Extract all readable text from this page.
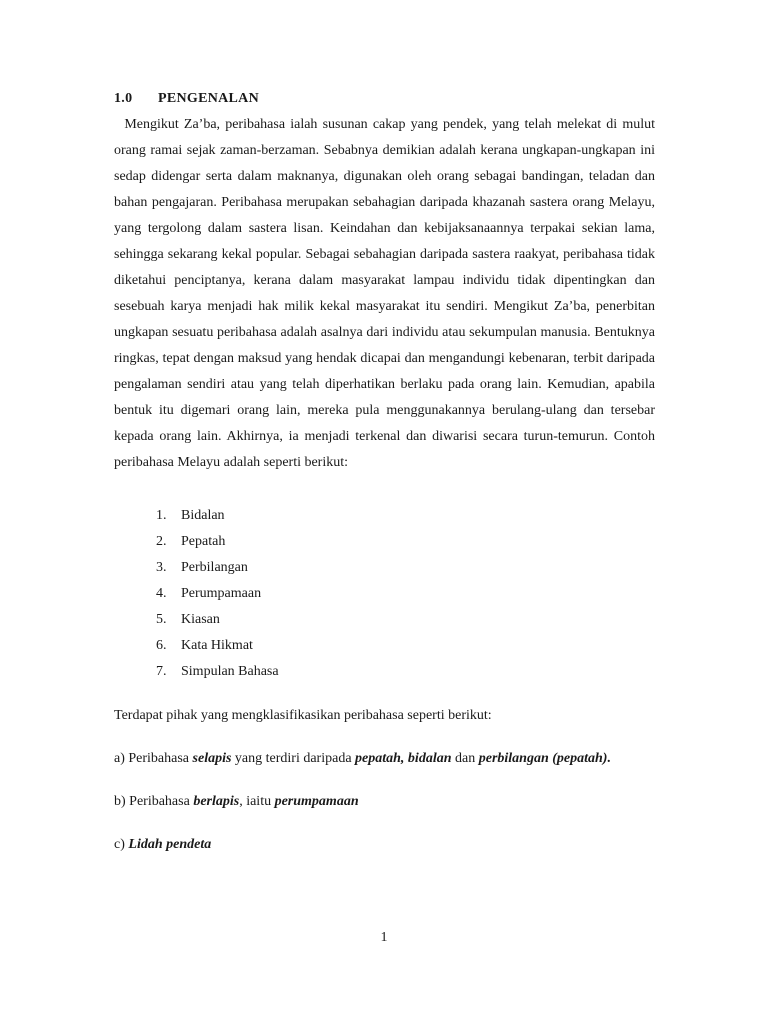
1.0 PENGENALAN
Mengikut Za’ba, peribahasa ialah susunan cakap yang pendek, yang telah melekat di mulut orang ramai sejak zaman-berzaman. Sebabnya demikian adalah kerana ungkapan-ungkapan ini sedap didengar serta dalam maknanya, digunakan oleh orang sebagai bandingan, teladan dan bahan pengajaran. Peribahasa merupakan sebahagian daripada khazanah sastera orang Melayu, yang tergolong dalam sastera lisan. Keindahan dan kebijaksanaannya terpakai sekian lama, sehingga sekarang kekal popular. Sebagai sebahagian daripada sastera raakyat, peribahasa tidak diketahui penciptanya, kerana dalam masyarakat lampau individu tidak dipentingkan dan sesebuah karya menjadi hak milik kekal masyarakat itu sendiri. Mengikut Za’ba, penerbitan ungkapan sesuatu peribahasa adalah asalnya dari individu atau sekumpulan manusia. Bentuknya ringkas, tepat dengan maksud yang hendak dicapai dan mengandungi kebenaran, terbit daripada pengalaman sendiri atau yang telah diperhatikan berlaku pada orang lain. Kemudian, apabila bentuk itu digemari orang lain, mereka pula menggunakannya berulang-ulang dan tersebar kepada orang lain. Akhirnya, ia menjadi terkenal dan diwarisi secara turun-temurun. Contoh peribahasa Melayu adalah seperti berikut:
1. Bidalan
2. Pepatah
3. Perbilangan
4. Perumpamaan
5. Kiasan
6. Kata Hikmat
7. Simpulan Bahasa
Terdapat pihak yang mengklasifikasikan peribahasa seperti berikut:
a) Peribahasa selapis yang terdiri daripada pepatah, bidalan dan perbilangan (pepatah).
b) Peribahasa berlapis, iaitu perumpamaan
c) Lidah pendeta
1
